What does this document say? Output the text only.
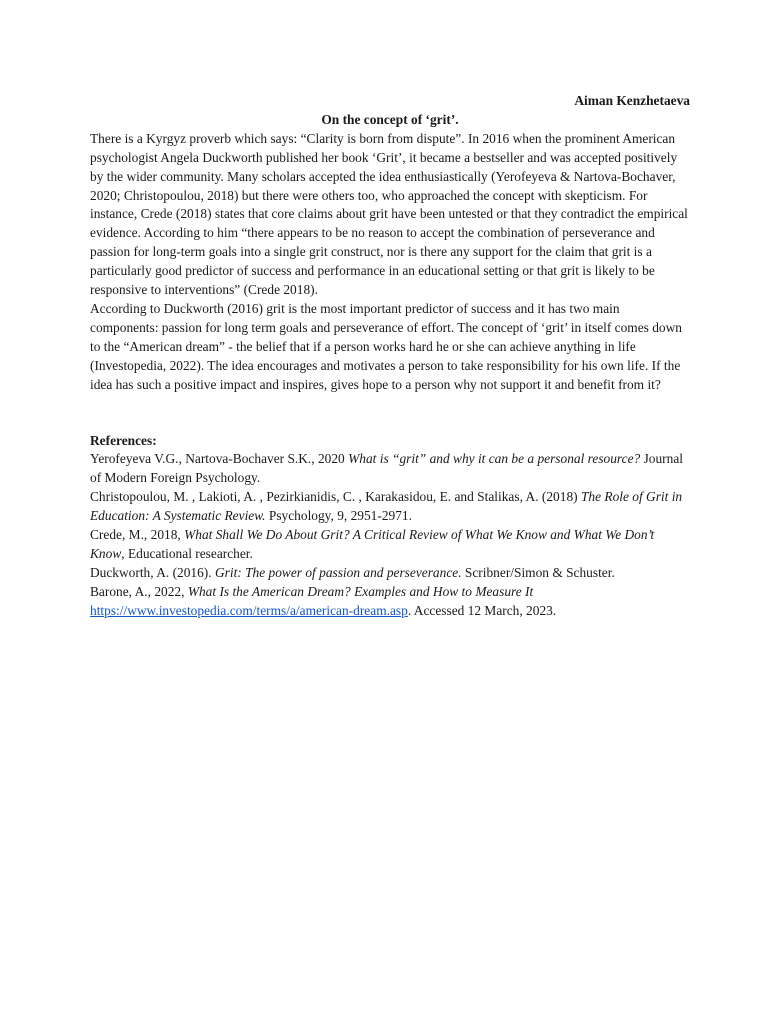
Aiman Kenzhetaeva

On the concept of ‘grit’.

There is a Kyrgyz proverb which says: “Clarity is born from dispute”. In 2016 when the prominent American psychologist Angela Duckworth published her book ‘Grit’, it became a bestseller and was accepted positively by the wider community. Many scholars accepted the idea enthusiastically (Yerofeyeva & Nartova-Bochaver, 2020; Christopoulou, 2018) but there were others too, who approached the concept with skepticism. For instance, Crede (2018) states that core claims about grit have been untested or that they contradict the empirical evidence. According to him “there appears to be no reason to accept the combination of perseverance and passion for long-term goals into a single grit construct, nor is there any support for the claim that grit is a particularly good predictor of success and performance in an educational setting or that grit is likely to be responsive to interventions” (Crede 2018).

According to Duckworth (2016) grit is the most important predictor of success and it has two main components: passion for long term goals and perseverance of effort. The concept of ‘grit’ in itself comes down to the “American dream” - the belief that if a person works hard he or she can achieve anything in life (Investopedia, 2022). The idea encourages and motivates a person to take responsibility for his own life. If the idea has such a positive impact and inspires, gives hope to a person why not support it and benefit from it?

References:

Yerofeyeva V.G., Nartova-Bochaver S.K., 2020 What is “grit” and why it can be a personal resource? Journal of Modern Foreign Psychology.

Christopoulou, M. , Lakioti, A. , Pezirkianidis, C. , Karakasidou, E. and Stalikas, A. (2018) The Role of Grit in Education: A Systematic Review. Psychology, 9, 2951-2971.

Crede, M., 2018, What Shall We Do About Grit? A Critical Review of What We Know and What We Don’t Know, Educational researcher.

Duckworth, A. (2016). Grit: The power of passion and perseverance. Scribner/Simon & Schuster.

Barone, A., 2022, What Is the American Dream? Examples and How to Measure It
https://www.investopedia.com/terms/a/american-dream.asp. Accessed 12 March, 2023.
